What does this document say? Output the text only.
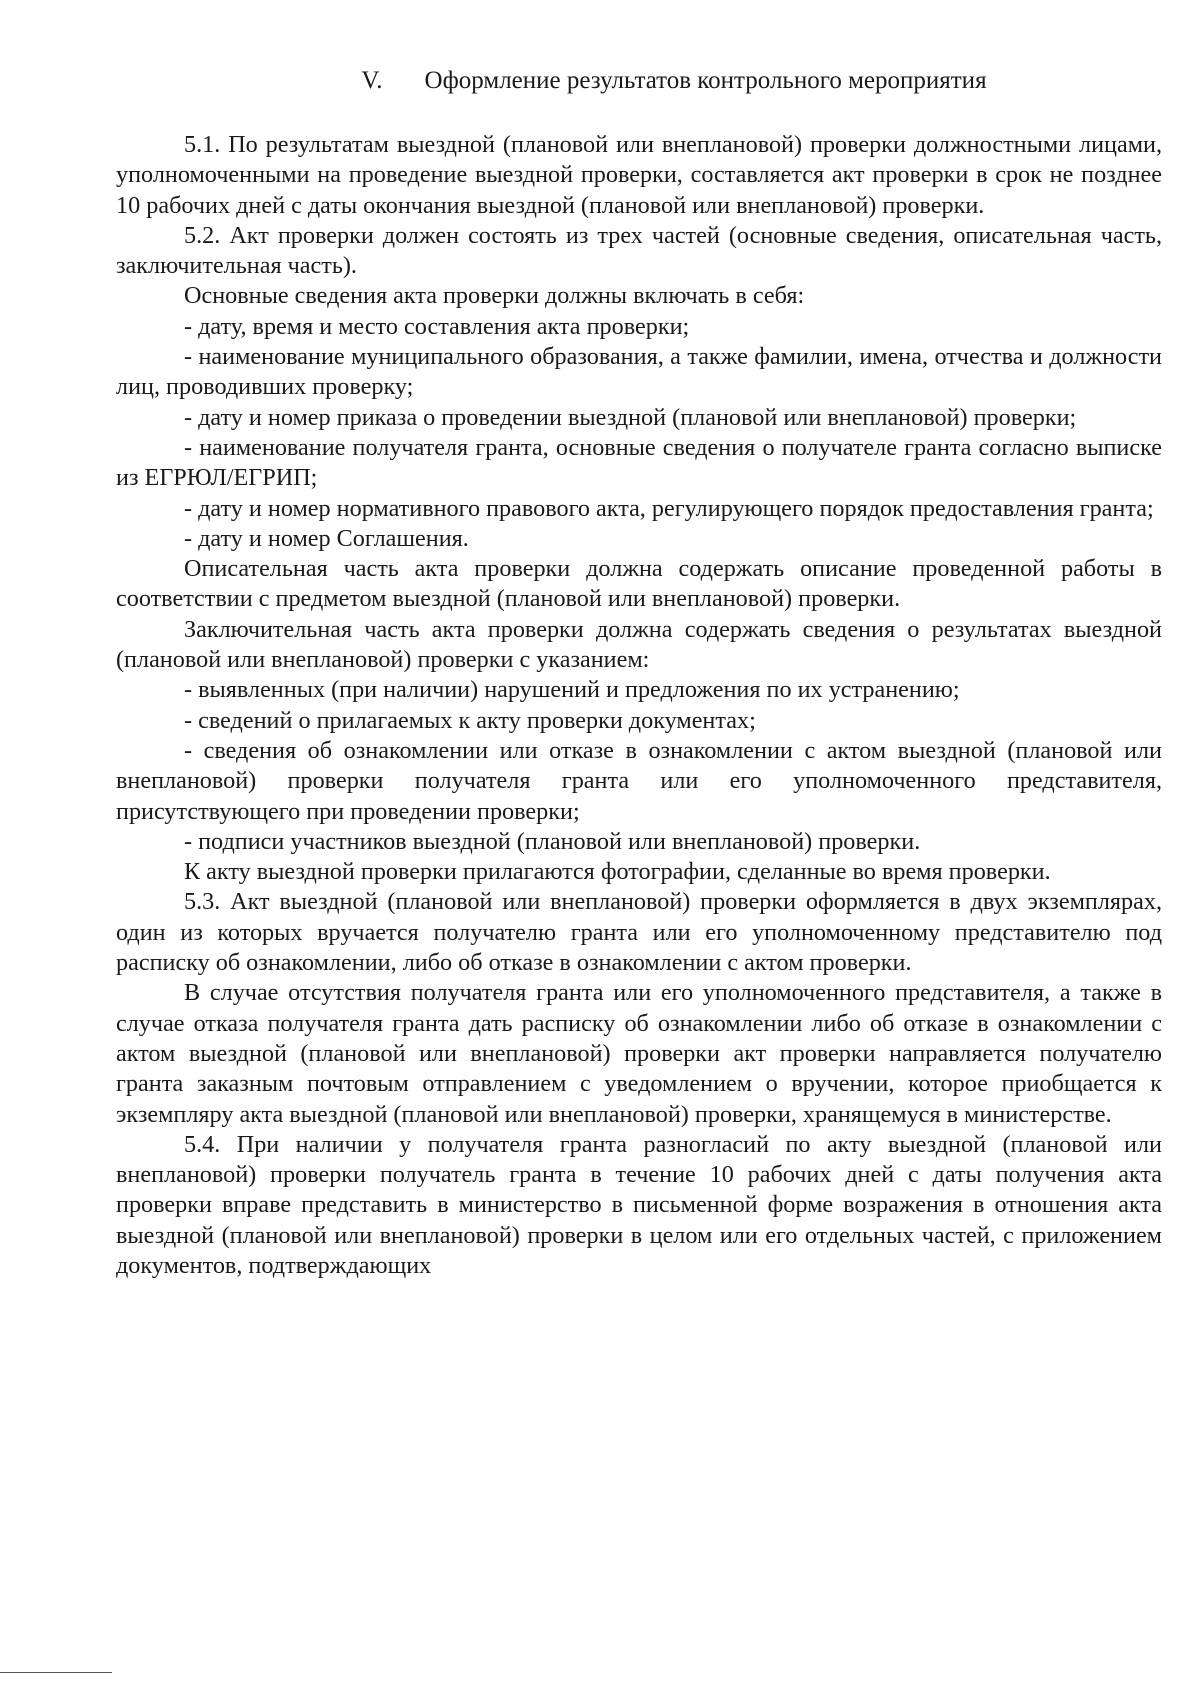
V. Оформление результатов контрольного мероприятия

5.1. По результатам выездной (плановой или внеплановой) проверки должностными лицами, уполномоченными на проведение выездной проверки, составляется акт проверки в срок не позднее 10 рабочих дней с даты окончания выездной (плановой или внеплановой) проверки.

5.2. Акт проверки должен состоять из трех частей (основные сведения, описательная часть, заключительная часть).

Основные сведения акта проверки должны включать в себя:

- дату, время и место составления акта проверки;

- наименование муниципального образования, а также фамилии, имена, отчества и должности лиц, проводивших проверку;

- дату и номер приказа о проведении выездной (плановой или внеплановой) проверки;

- наименование получателя гранта, основные сведения о получателе гранта согласно выписке из ЕГРЮЛ/ЕГРИП;

- дату и номер нормативного правового акта, регулирующего порядок предоставления гранта;

- дату и номер Соглашения.

Описательная часть акта проверки должна содержать описание проведенной работы в соответствии с предметом выездной (плановой или внеплановой) проверки.

Заключительная часть акта проверки должна содержать сведения о результатах выездной (плановой или внеплановой) проверки с указанием:

- выявленных (при наличии) нарушений и предложения по их устранению;

- сведений о прилагаемых к акту проверки документах;

- сведения об ознакомлении или отказе в ознакомлении с актом выездной (плановой или внеплановой) проверки получателя гранта или его уполномоченного представителя, присутствующего при проведении проверки;

- подписи участников выездной (плановой или внеплановой) проверки.

К акту выездной проверки прилагаются фотографии, сделанные во время проверки.

5.3. Акт выездной (плановой или внеплановой) проверки оформляется в двух экземплярах, один из которых вручается получателю гранта или его уполномоченному представителю под расписку об ознакомлении, либо об отказе в ознакомлении с актом проверки.

В случае отсутствия получателя гранта или его уполномоченного представителя, а также в случае отказа получателя гранта дать расписку об ознакомлении либо об отказе в ознакомлении с актом выездной (плановой или внеплановой) проверки акт проверки направляется получателю гранта заказным почтовым отправлением с уведомлением о вручении, которое приобщается к экземпляру акта выездной (плановой или внеплановой) проверки, хранящемуся в министерстве.

5.4. При наличии у получателя гранта разногласий по акту выездной (плановой или внеплановой) проверки получатель гранта в течение 10 рабочих дней с даты получения акта проверки вправе представить в министерство в письменной форме возражения в отношения акта выездной (плановой или внеплановой) проверки в целом или его отдельных частей, с приложением документов, подтверждающих
